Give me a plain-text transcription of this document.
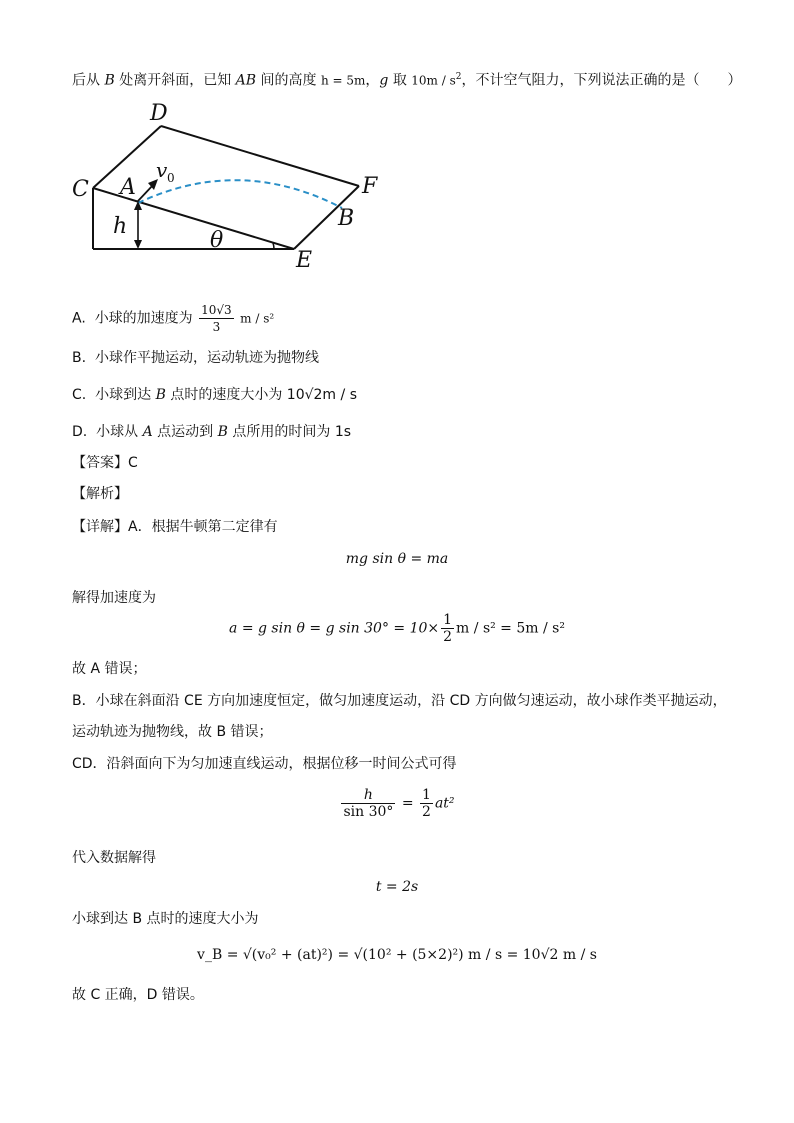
后从 B 处离开斜面，已知 AB 间的高度 h = 5m，g 取 $10m / s^2$，不计空气阻力，下列说法正确的是（　　）
C
D
F
A
B
E
h
θ
v 0
A. 小球的加速度为 $\frac{10√3}{3}$ m / s²
B. 小球作平抛运动，运动轨迹为抛物线
C. 小球到达 B 点时的速度大小为 10√2m / s
D. 小球从 A 点运动到 B 点所用的时间为 1s
【答案】C
【解析】
【详解】A．根据牛顿第二定律有
mg sin θ = ma
解得加速度为
a = g sin θ = g $\sin 30^\circ = 10\times \frac{1}{2}$ m / s² = 5m / s²
故 A 错误；
B．小球在斜面沿 CE 方向加速度恒定，做匀加速度运动，沿 CD 方向做匀速运动，故小球作类平抛运动，
运动轨迹为抛物线，故 B 错误；
CD．沿斜面向下为匀加速直线运动，根据位移一时间公式可得
$\frac{h}{\sin 30^\circ} = \frac{1}{2} at^2$
代入数据解得
t = 2s
小球到达 B 点时的速度大小为
v_B = √(v₀² + (at)²) = √(10² + (5×2)²) m / s = 10√2 m / s
故 C 正确，D 错误。
